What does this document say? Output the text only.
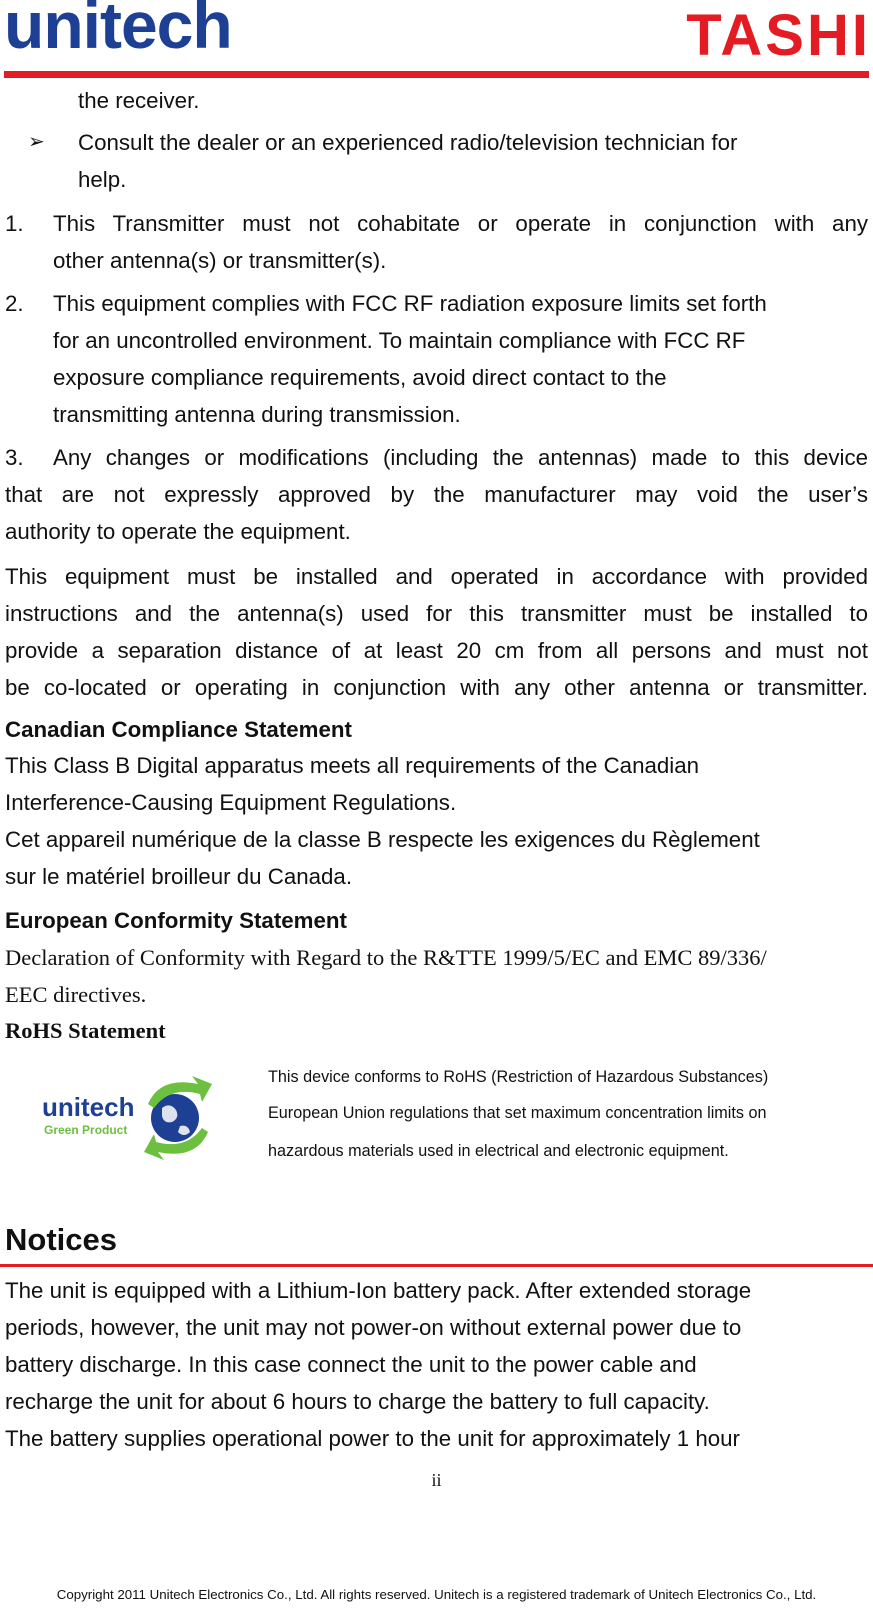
unitech	TASHI
the receiver.
➢ Consult the dealer or an experienced radio/television technician for
help.
1. This Transmitter must not cohabitate or operate in conjunction with any
other antenna(s) or transmitter(s).
2. This equipment complies with FCC RF radiation exposure limits set forth
for an uncontrolled environment. To maintain compliance with FCC RF
exposure compliance requirements, avoid direct contact to the
transmitting antenna during transmission.
3. Any changes or modifications (including the antennas) made to this device
that are not expressly approved by the manufacturer may void the user’s
authority to operate the equipment.
This equipment must be installed and operated in accordance with provided
instructions and the antenna(s) used for this transmitter must be installed to
provide a separation distance of at least 20 cm from all persons and must not
be co-located or operating in conjunction with any other antenna or transmitter.
Canadian Compliance Statement
This Class B Digital apparatus meets all requirements of the Canadian
Interference-Causing Equipment Regulations.
Cet appareil numérique de la classe B respecte les exigences du Règlement
sur le matériel broilleur du Canada.
European Conformity Statement
Declaration of Conformity with Regard to the R&TTE 1999/5/EC and EMC 89/336/
EEC directives.
RoHS Statement
unitech
Green Product
This device conforms to RoHS (Restriction of Hazardous Substances)
European Union regulations that set maximum concentration limits on
hazardous materials used in electrical and electronic equipment.
Notices
The unit is equipped with a Lithium-Ion battery pack. After extended storage
periods, however, the unit may not power-on without external power due to
battery discharge. In this case connect the unit to the power cable and
recharge the unit for about 6 hours to charge the battery to full capacity.
The battery supplies operational power to the unit for approximately 1 hour
ii
Copyright 2011 Unitech Electronics Co., Ltd. All rights reserved. Unitech is a registered trademark of Unitech Electronics Co., Ltd.
